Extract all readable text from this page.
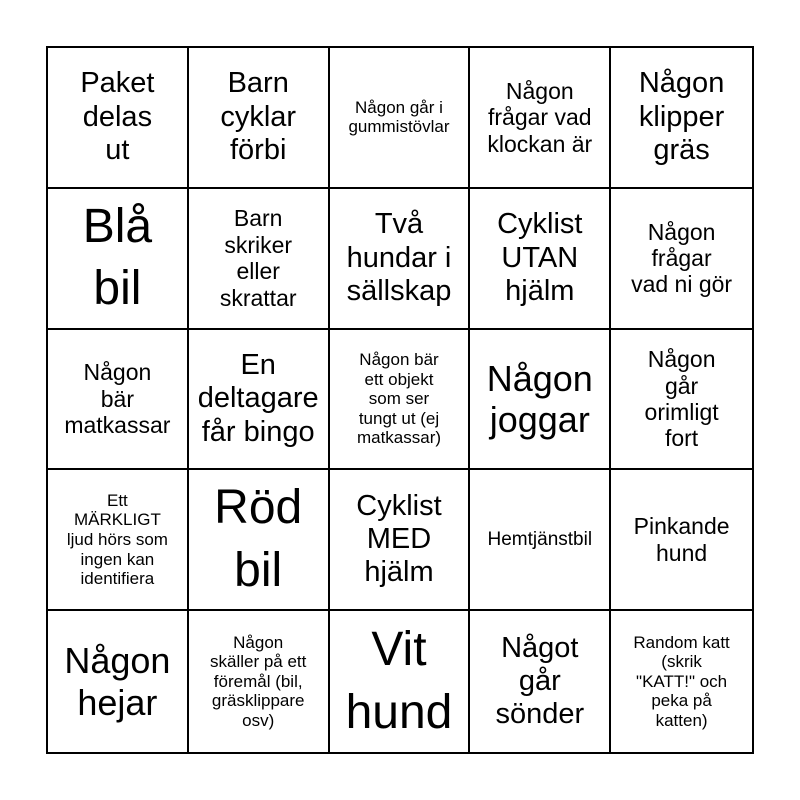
Paket
delas
ut
Barn
cyklar
förbi
Någon går i
gummistövlar
Någon
frågar vad
klockan är
Någon
klipper
gräs
Blå
bil
Barn
skriker
eller
skrattar
Två
hundar i
sällskap
Cyklist
UTAN
hjälm
Någon
frågar
vad ni gör
Någon
bär
matkassar
En
deltagare
får bingo
Någon bär
ett objekt
som ser
tungt ut (ej
matkassar)
Någon
joggar
Någon
går
orimligt
fort
Ett
MÄRKLIGT
ljud hörs som
ingen kan
identifiera
Röd
bil
Cyklist
MED
hjälm
Hemtjänstbil
Pinkande
hund
Någon
hejar
Någon
skäller på ett
föremål (bil,
gräsklippare
osv)
Vit
hund
Något
går
sönder
Random katt
(skrik
"KATT!" och
peka på
katten)
